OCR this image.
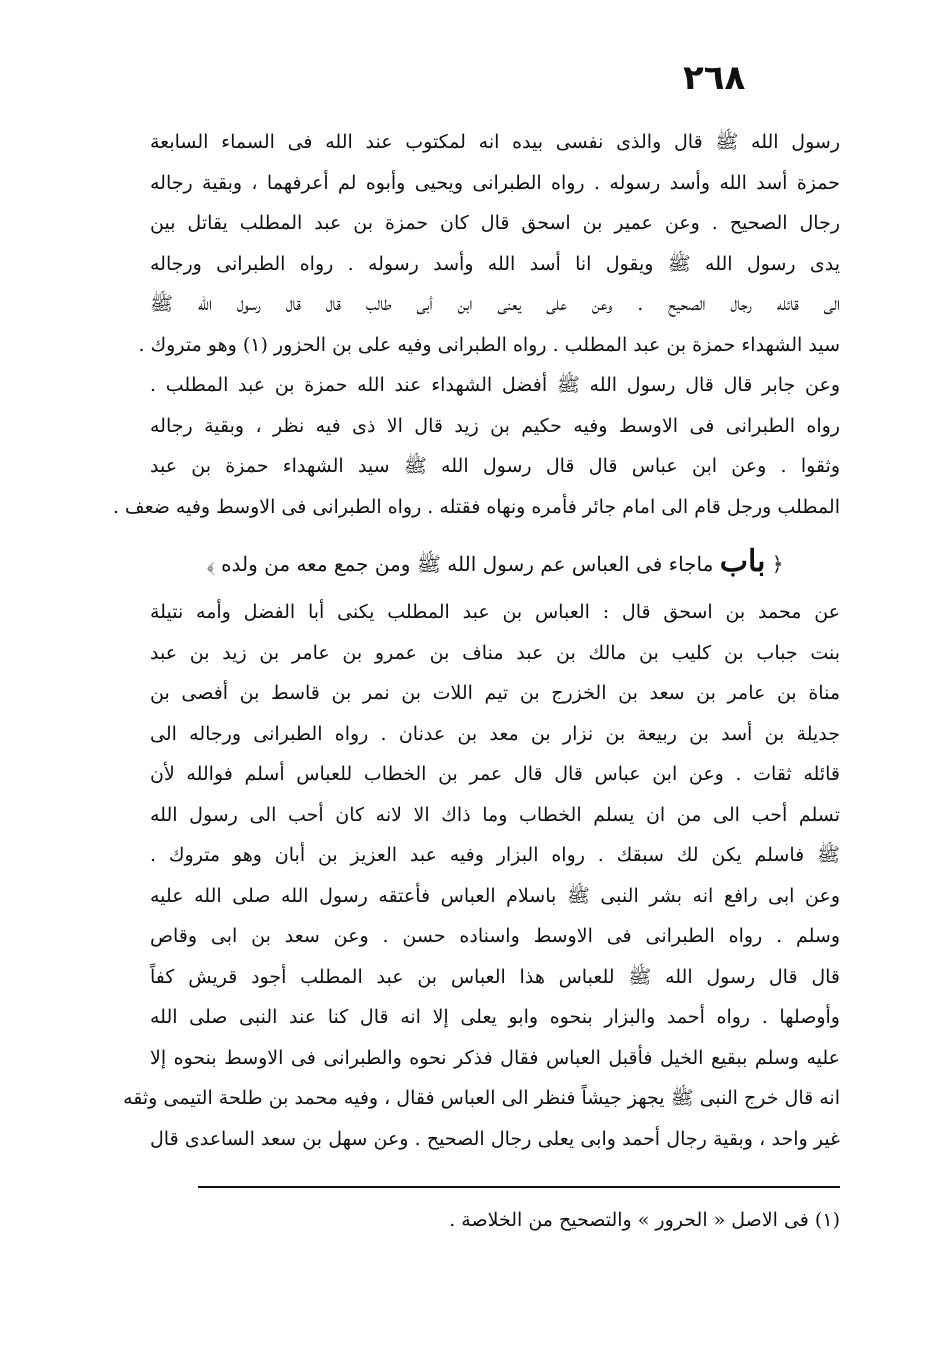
٢٦٨
رسول الله ﷺ قال والذى نفسى بيده انه لمكتوب عند الله فى السماء السابعة
حمزة أسد الله وأسد رسوله . رواه الطبرانى ويحيى وأبوه لم أعرفهما ، وبقية رجاله
رجال الصحيح . وعن عمير بن اسحق قال كان حمزة بن عبد المطلب يقاتل بين
يدى رسول الله ﷺ ويقول انا أسد الله وأسد رسوله . رواه الطبرانى ورجاله
الى قائله رجال الصحيح . وعن على يعنى ابن أبى طالب قال قال رسول الله ﷺ
سيد الشهداء حمزة بن عبد المطلب . رواه الطبرانى وفيه على بن الحزور (١) وهو متروك .
وعن جابر قال قال رسول الله ﷺ أفضل الشهداء عند الله حمزة بن عبد المطلب .
رواه الطبرانى فى الاوسط وفيه حكيم بن زيد قال الا ذى فيه نظر ، وبقية رجاله
وثقوا . وعن ابن عباس قال قال رسول الله ﷺ سيد الشهداء حمزة بن عبد
المطلب ورجل قام الى امام جائر فأمره ونهاه فقتله . رواه الطبرانى فى الاوسط وفيه ضعف .
﴿ باب ماجاء فى العباس عم رسول الله ﷺ ومن جمع معه من ولده ﴾
عن محمد بن اسحق قال : العباس بن عبد المطلب يكنى أبا الفضل وأمه نتيلة
بنت جباب بن كليب بن مالك بن عبد مناف بن عمرو بن عامر بن زيد بن عبد
مناة بن عامر بن سعد بن الخزرج بن تيم اللات بن نمر بن قاسط بن أفصى بن
جديلة بن أسد بن ربيعة بن نزار بن معد بن عدنان . رواه الطبرانى ورجاله الى
قائله ثقات . وعن ابن عباس قال قال عمر بن الخطاب للعباس أسلم فوالله لأن
تسلم أحب الى من ان يسلم الخطاب وما ذاك الا لانه كان أحب الى رسول الله
ﷺ فاسلم يكن لك سبقك . رواه البزار وفيه عبد العزيز بن أبان وهو متروك .
وعن ابى رافع انه بشر النبى ﷺ باسلام العباس فأعتقه رسول الله صلى الله عليه
وسلم . رواه الطبرانى فى الاوسط واسناده حسن . وعن سعد بن ابى وقاص
قال قال رسول الله ﷺ للعباس هذا العباس بن عبد المطلب أجود قريش كفاً
وأوصلها . رواه أحمد والبزار بنحوه وابو يعلى إلا انه قال كنا عند النبى صلى الله
عليه وسلم ببقيع الخيل فأقبل العباس فقال فذكر نحوه والطبرانى فى الاوسط بنحوه إلا
انه قال خرج النبى ﷺ يجهز جيشاً فنظر الى العباس فقال ، وفيه محمد بن طلحة التيمى وثقه
غير واحد ، وبقية رجال أحمد وابى يعلى رجال الصحيح . وعن سهل بن سعد الساعدى قال
(١) فى الاصل « الحرور » والتصحيح من الخلاصة .
